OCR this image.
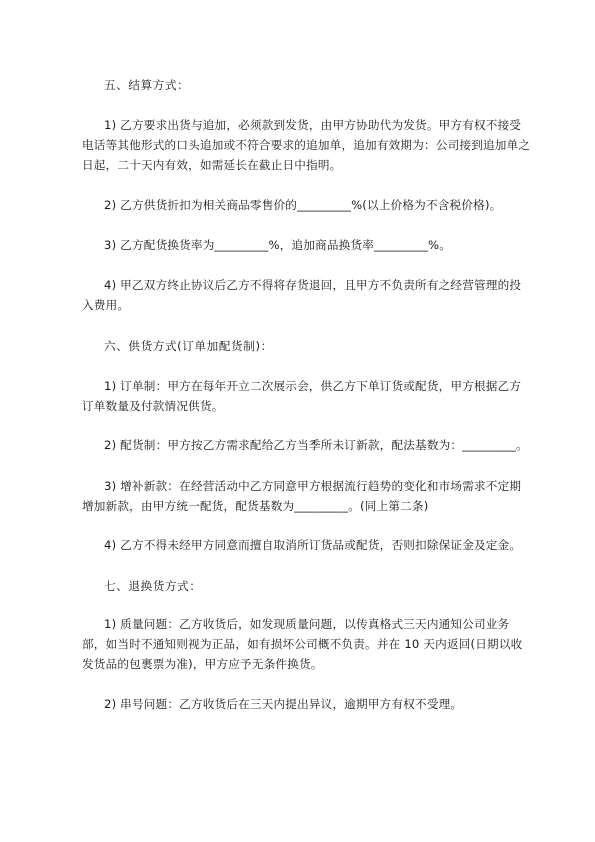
五、结算方式：

1) 乙方要求出货与追加，必须款到发货，由甲方协助代为发货。甲方有权不接受电话等其他形式的口头追加或不符合要求的追加单，追加有效期为：公司接到追加单之日起，二十天内有效，如需延长在截止日中指明。

2) 乙方供货折扣为相关商品零售价的_________%(以上价格为不含税价格)。

3) 乙方配货换货率为_________%，追加商品换货率_________%。

4) 甲乙双方终止协议后乙方不得将存货退回，且甲方不负责所有之经营管理的投入费用。

六、供货方式(订单加配货制)：

1) 订单制：甲方在每年开立二次展示会，供乙方下单订货或配货，甲方根据乙方订单数量及付款情况供货。

2) 配货制：甲方按乙方需求配给乙方当季所未订新款，配法基数为：_________。

3) 增补新款：在经营活动中乙方同意甲方根据流行趋势的变化和市场需求不定期增加新款，由甲方统一配货，配货基数为_________。(同上第二条)

4) 乙方不得未经甲方同意而擅自取消所订货品或配货，否则扣除保证金及定金。

七、退换货方式：

1) 质量问题：乙方收货后，如发现质量问题，以传真格式三天内通知公司业务部，如当时不通知则视为正品，如有损坏公司概不负责。并在 10 天内返回(日期以收发货品的包裹票为准)，甲方应予无条件换货。

2) 串号问题：乙方收货后在三天内提出异议，逾期甲方有权不受理。
